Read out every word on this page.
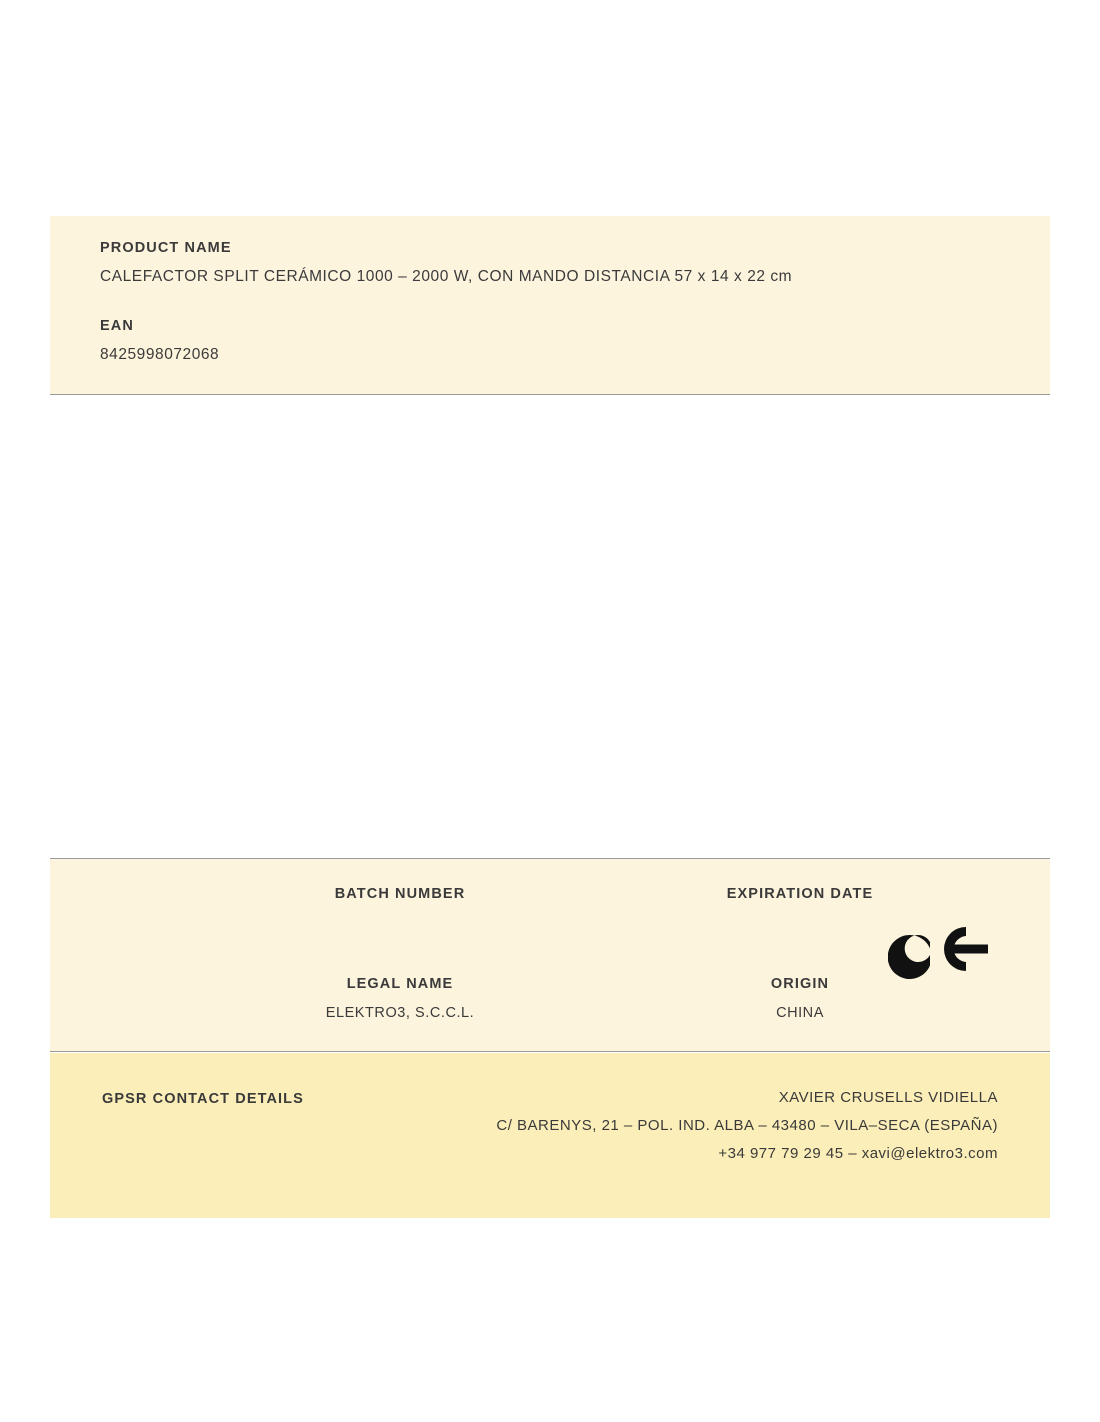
PRODUCT NAME

CALEFACTOR SPLIT CERÁMICO 1000 – 2000 W, CON MANDO DISTANCIA 57 x 14 x 22 cm

EAN

8425998072068

BATCH NUMBER	EXPIRATION DATE

LEGAL NAME

ELEKTRO3, S.C.C.L.

ORIGIN

CHINA

GPSR CONTACT DETAILS	XAVIER CRUSELLS VIDIELLA

C/ BARENYS, 21 – POL. IND. ALBA – 43480 – VILA–SECA (ESPAÑA)

+34 977 79 29 45 – xavi@elektro3.com
